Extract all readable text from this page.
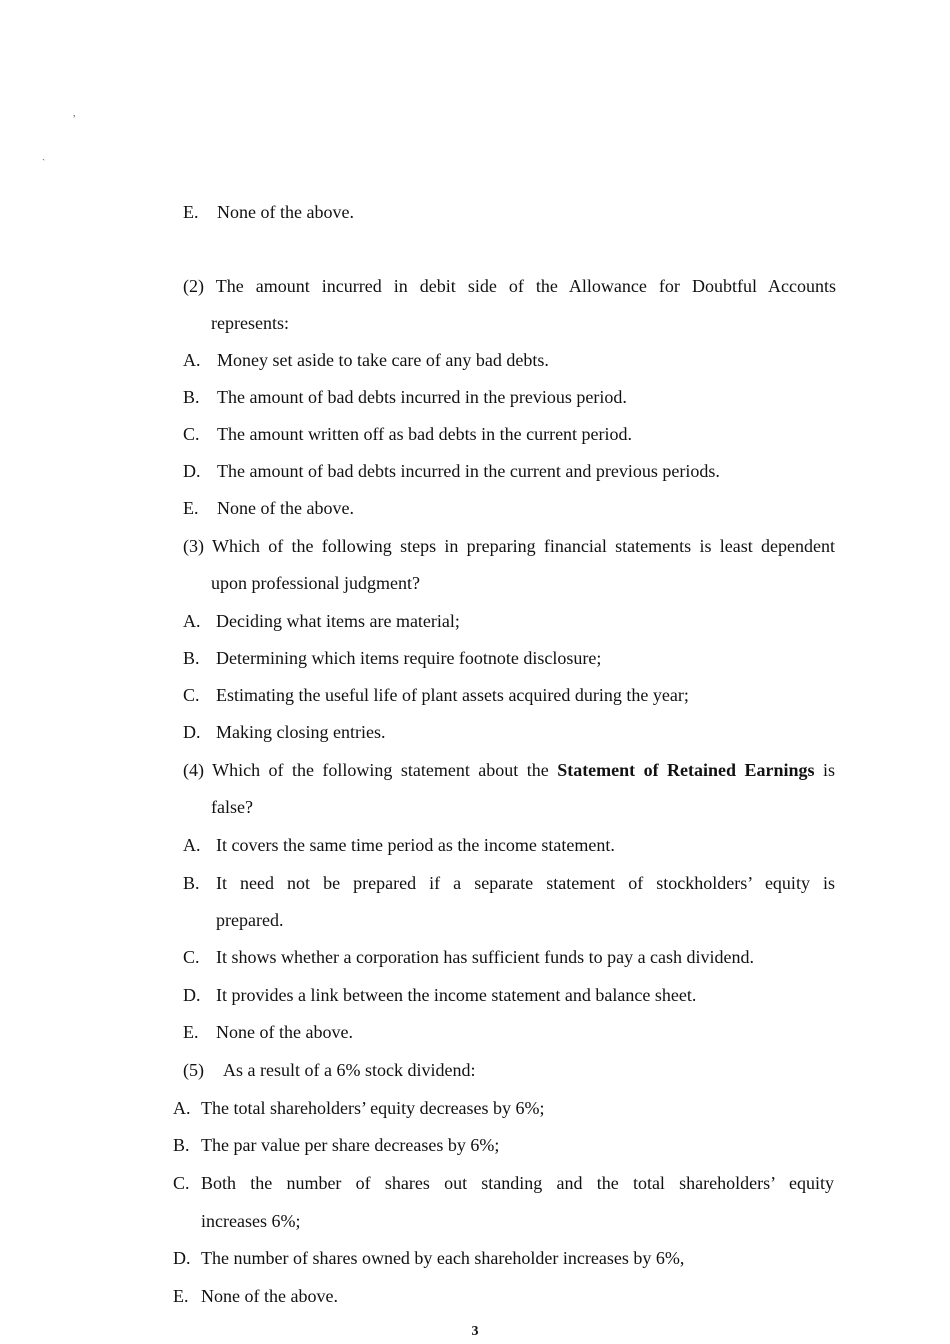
,
ˎ
E. None of the above.
(2) The amount incurred in debit side of the Allowance for Doubtful Accounts
represents:
A. Money set aside to take care of any bad debts.
B. The amount of bad debts incurred in the previous period.
C. The amount written off as bad debts in the current period.
D. The amount of bad debts incurred in the current and previous periods.
E. None of the above.
(3) Which of the following steps in preparing financial statements is least dependent
upon professional judgment?
A. Deciding what items are material;
B. Determining which items require footnote disclosure;
C. Estimating the useful life of plant assets acquired during the year;
D. Making closing entries.
(4) Which of the following statement about the Statement of Retained Earnings is
false?
A. It covers the same time period as the income statement.
B. It need not be prepared if a separate statement of stockholders’ equity is
prepared.
C. It shows whether a corporation has sufficient funds to pay a cash dividend.
D. It provides a link between the income statement and balance sheet.
E. None of the above.
(5) As a result of a 6% stock dividend:
A. The total shareholders’ equity decreases by 6%;
B. The par value per share decreases by 6%;
C. Both the number of shares out standing and the total shareholders’ equity
increases 6%;
D. The number of shares owned by each shareholder increases by 6%,
E. None of the above.
3
